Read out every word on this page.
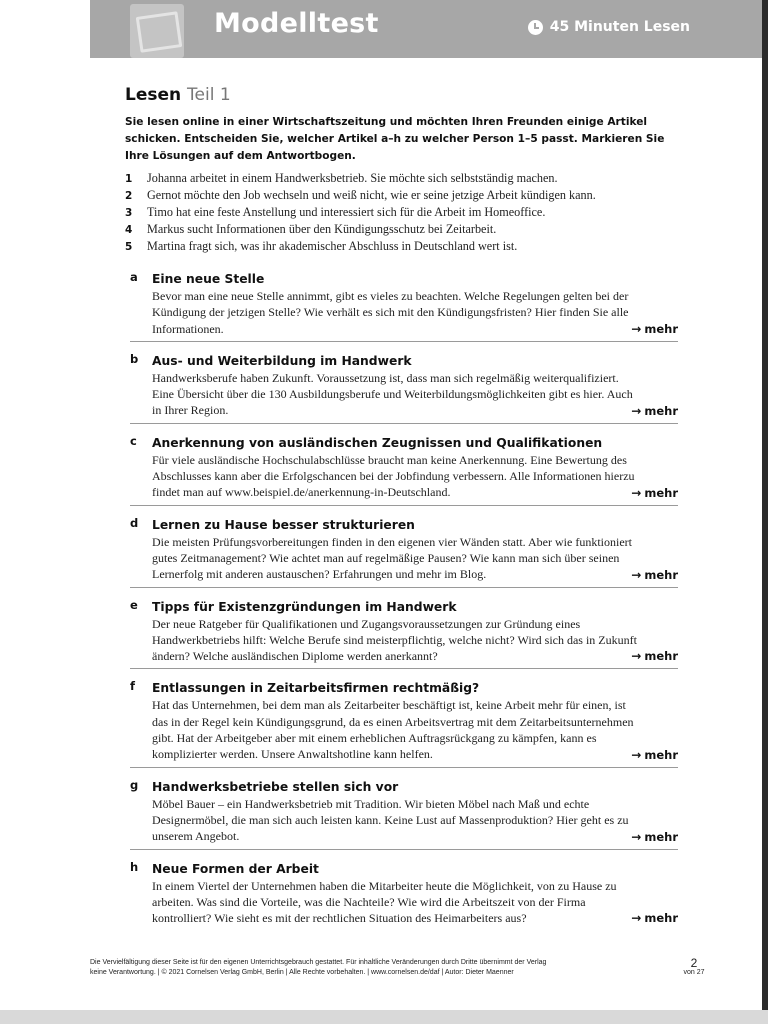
Modelltest	45 Minuten Lesen
Lesen Teil 1
Sie lesen online in einer Wirtschaftszeitung und möchten Ihren Freunden einige Artikel schicken. Entscheiden Sie, welcher Artikel a–h zu welcher Person 1–5 passt. Markieren Sie Ihre Lösungen auf dem Antwortbogen.
1	Johanna arbeitet in einem Handwerksbetrieb. Sie möchte sich selbstständig machen.
2	Gernot möchte den Job wechseln und weiß nicht, wie er seine jetzige Arbeit kündigen kann.
3	Timo hat eine feste Anstellung und interessiert sich für die Arbeit im Homeoffice.
4	Markus sucht Informationen über den Kündigungsschutz bei Zeitarbeit.
5	Martina fragt sich, was ihr akademischer Abschluss in Deutschland wert ist.
a Eine neue Stelle
Bevor man eine neue Stelle annimmt, gibt es vieles zu beachten. Welche Regelungen gelten bei der Kündigung der jetzigen Stelle? Wie verhält es sich mit den Kündigungsfristen? Hier finden Sie alle Informationen.	→ mehr
b Aus- und Weiterbildung im Handwerk
Handwerksberufe haben Zukunft. Voraussetzung ist, dass man sich regelmäßig weiterqualifiziert. Eine Übersicht über die 130 Ausbildungsberufe und Weiterbildungsmöglichkeiten gibt es hier. Auch in Ihrer Region.	→ mehr
c Anerkennung von ausländischen Zeugnissen und Qualifikationen
Für viele ausländische Hochschulabschlüsse braucht man keine Anerkennung. Eine Bewertung des Abschlusses kann aber die Erfolgschancen bei der Jobfindung verbessern. Alle Informationen hierzu findet man auf www.beispiel.de/anerkennung-in-Deutschland.	→ mehr
d Lernen zu Hause besser strukturieren
Die meisten Prüfungsvorbereitungen finden in den eigenen vier Wänden statt. Aber wie funktioniert gutes Zeitmanagement? Wie achtet man auf regelmäßige Pausen? Wie kann man sich über seinen Lernerfolg mit anderen austauschen? Erfahrungen und mehr im Blog.	→ mehr
e Tipps für Existenzgründungen im Handwerk
Der neue Ratgeber für Qualifikationen und Zugangsvoraussetzungen zur Gründung eines Handwerkbetriebs hilft: Welche Berufe sind meisterpflichtig, welche nicht? Wird sich das in Zukunft ändern? Welche ausländischen Diplome werden anerkannt?	→ mehr
f Entlassungen in Zeitarbeitsfirmen rechtmäßig?
Hat das Unternehmen, bei dem man als Zeitarbeiter beschäftigt ist, keine Arbeit mehr für einen, ist das in der Regel kein Kündigungsgrund, da es einen Arbeitsvertrag mit dem Zeitarbeitsunternehmen gibt. Hat der Arbeitgeber aber mit einem erheblichen Auftragsrückgang zu kämpfen, kann es komplizierter werden. Unsere Anwaltshotline kann helfen.	→ mehr
g Handwerksbetriebe stellen sich vor
Möbel Bauer – ein Handwerksbetrieb mit Tradition. Wir bieten Möbel nach Maß und echte Designermöbel, die man sich auch leisten kann. Keine Lust auf Massenproduktion? Hier geht es zu unserem Angebot.	→ mehr
h Neue Formen der Arbeit
In einem Viertel der Unternehmen haben die Mitarbeiter heute die Möglichkeit, von zu Hause zu arbeiten. Was sind die Vorteile, was die Nachteile? Wie wird die Arbeitszeit von der Firma kontrolliert? Wie sieht es mit der rechtlichen Situation des Heimarbeiters aus?	→ mehr
Die Vervielfältigung dieser Seite ist für den eigenen Unterrichtsgebrauch gestattet. Für inhaltliche Veränderungen durch Dritte übernimmt der Verlag
keine Verantwortung. | © 2021 Cornelsen Verlag GmbH, Berlin | Alle Rechte vorbehalten. | www.cornelsen.de/daf | Autor: Dieter Maenner
2
von 27
